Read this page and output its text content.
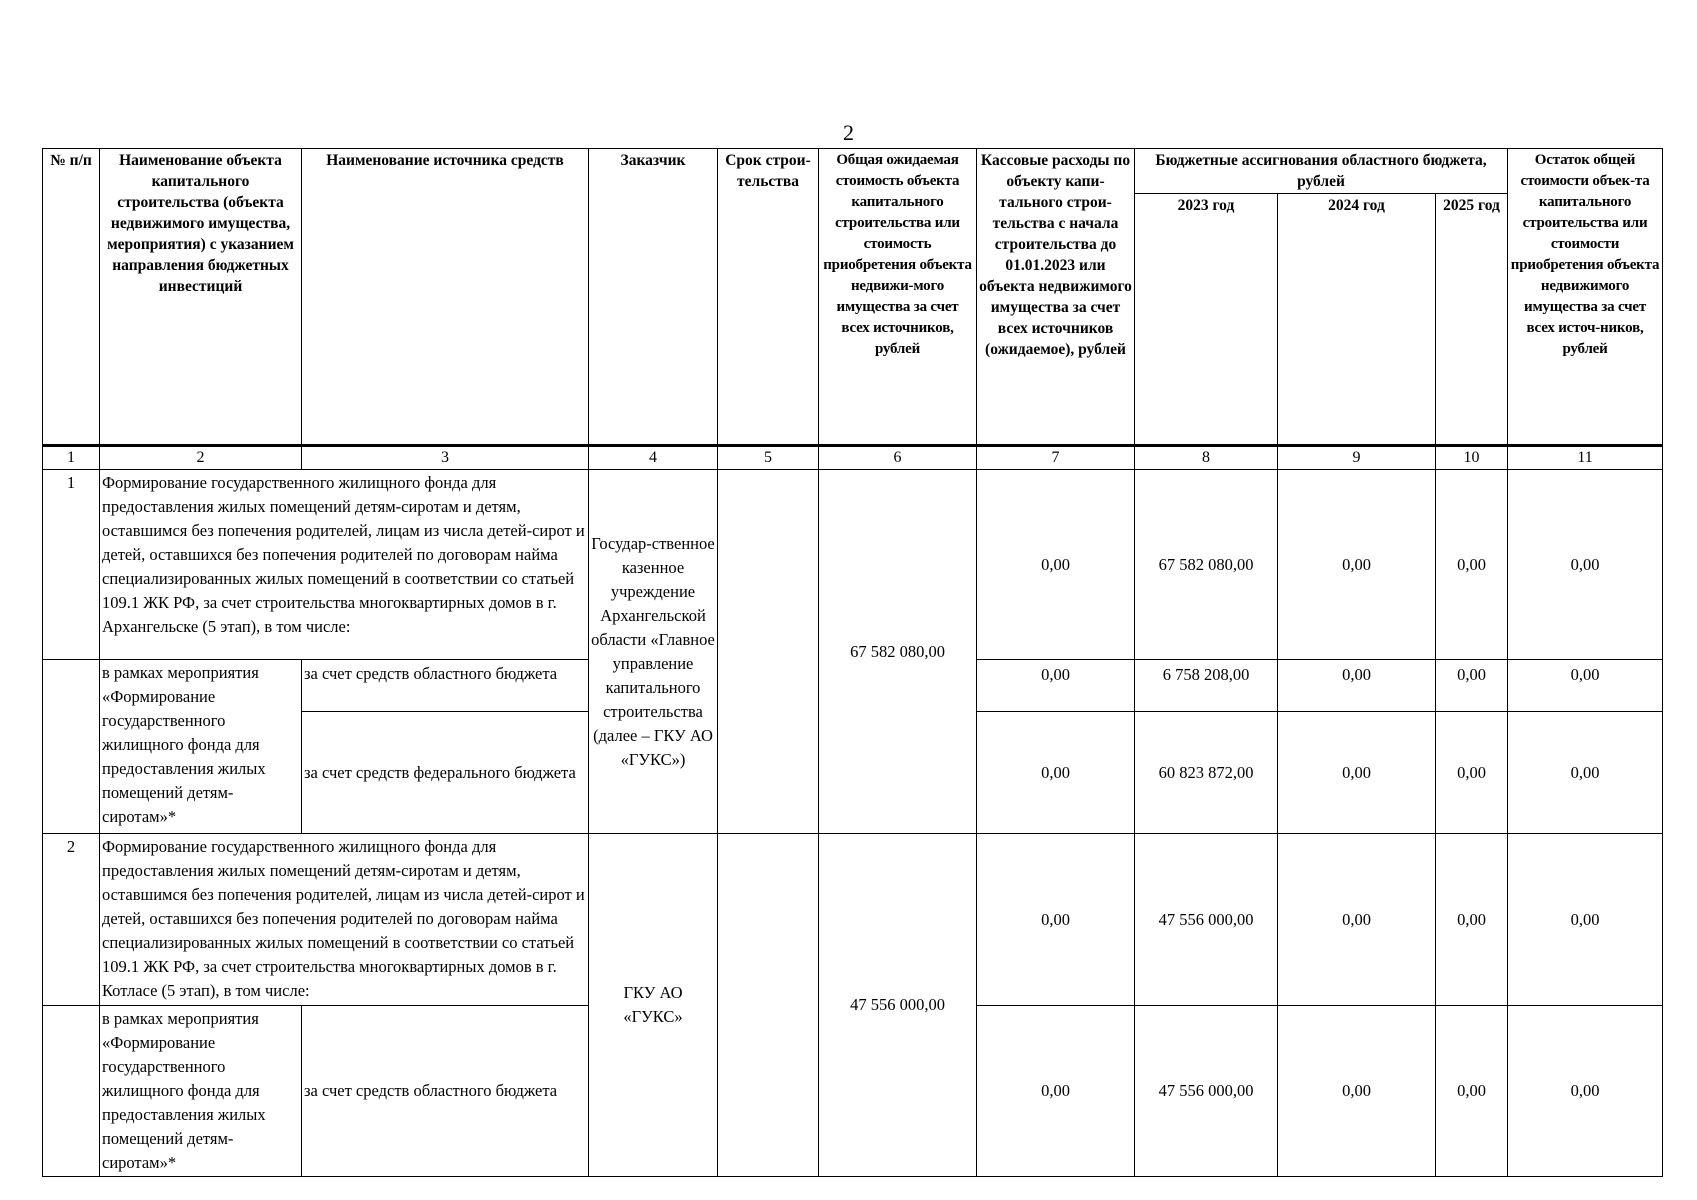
2
№ п/п	Наименование объекта капитального строительства (объекта недвижимого имущества, мероприятия) с указанием направления бюджетных инвестиций	Наименование источника средств	Заказчик	Срок строи-тельства	Общая ожидаемая стоимость объекта капитального строительства или стоимость приобретения объекта недвижи-мого имущества за счет всех источников, рублей	Кассовые расходы по объекту капи-тального строи-тельства с начала строительства до 01.01.2023 или объекта недвижимого имущества за счет всех источников (ожидаемое), рублей	Бюджетные ассигнования областного бюджета, рублей			Остаток общей стоимости объек-та капитального строительства или стоимости приобретения объекта недвижимого имущества за счет всех источ-ников, рублей
							2023 год	2024 год	2025 год	
1	2	3	4	5	6	7	8	9	10	11
1	Формирование государственного жилищного фонда для предоставления жилых помещений детям-сиротам и детям, оставшимся без попечения родителей, лицам из числа детей-сирот и детей, оставшихся без попечения родителей по договорам найма специализированных жилых помещений в соответствии со статьей 109.1 ЖК РФ, за счет строительства многоквартирных домов в г. Архангельске (5 этап), в том числе:		Государ-ственное казенное учреждение Архангельской области «Главное управление капитального строительства (далее – ГКУ АО «ГУКС»)		67 582 080,00	0,00	67 582 080,00	0,00	0,00	0,00
	в рамках мероприятия «Формирование государственного жилищного фонда для предоставления жилых помещений детям-сиротам»*	за счет средств областного бюджета				0,00	6 758 208,00	0,00	0,00	0,00
		за счет средств федерального бюджета				0,00	60 823 872,00	0,00	0,00	0,00
2	Формирование государственного жилищного фонда для предоставления жилых помещений детям-сиротам и детям, оставшимся без попечения родителей, лицам из числа детей-сирот и детей, оставшихся без попечения родителей по договорам найма специализированных жилых помещений в соответствии со статьей 109.1 ЖК РФ, за счет строительства многоквартирных домов в г. Котласе (5 этап), в том числе:		ГКУ АО «ГУКС»		47 556 000,00	0,00	47 556 000,00	0,00	0,00	0,00
	в рамках мероприятия «Формирование государственного жилищного фонда для предоставления жилых помещений детям-сиротам»*	за счет средств областного бюджета				0,00	47 556 000,00	0,00	0,00	0,00
